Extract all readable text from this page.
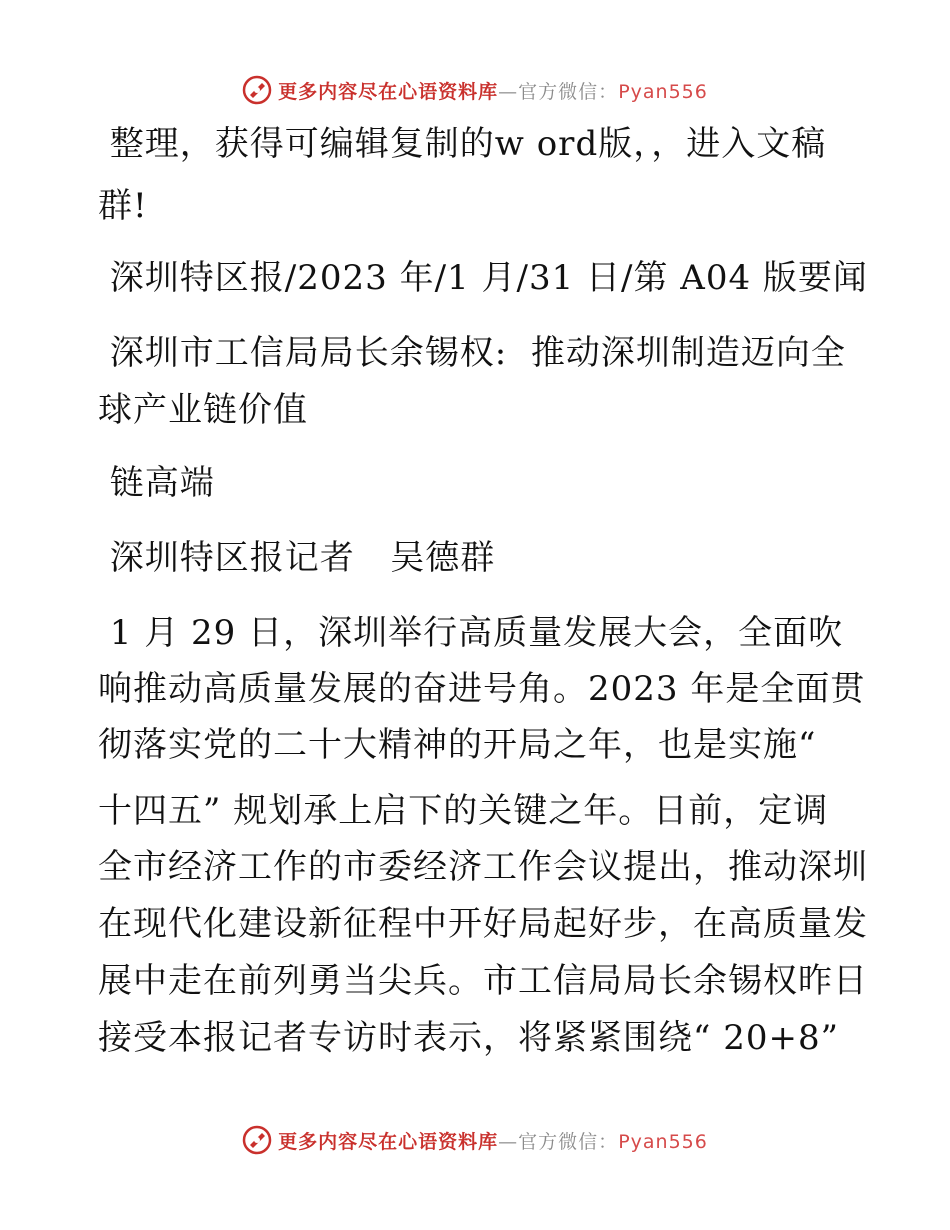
更多内容尽在心语资料库—官方微信：Pyan556
整理，获得可编辑复制的w ord版，，进入文稿
群!
深圳特区报/2023 年/1 月/31 日/第 A04 版要闻
深圳市工信局局长余锡权:  推动深圳制造迈向全
球产业链价值
链高端
深圳特区报记者   吴德群
1 月 29 日，深圳举行高质量发展大会，全面吹
响推动高质量发展的奋进号角。2023 年是全面贯
彻落实党的二十大精神的开局之年，也是实施“
十四五” 规划承上启下的关键之年。日前，定调
全市经济工作的市委经济工作会议提出，推动深圳
在现代化建设新征程中开好局起好步，在高质量发
展中走在前列勇当尖兵。市工信局局长余锡权昨日
接受本报记者专访时表示，将紧紧围绕“ 20+8”
更多内容尽在心语资料库—官方微信：Pyan556
